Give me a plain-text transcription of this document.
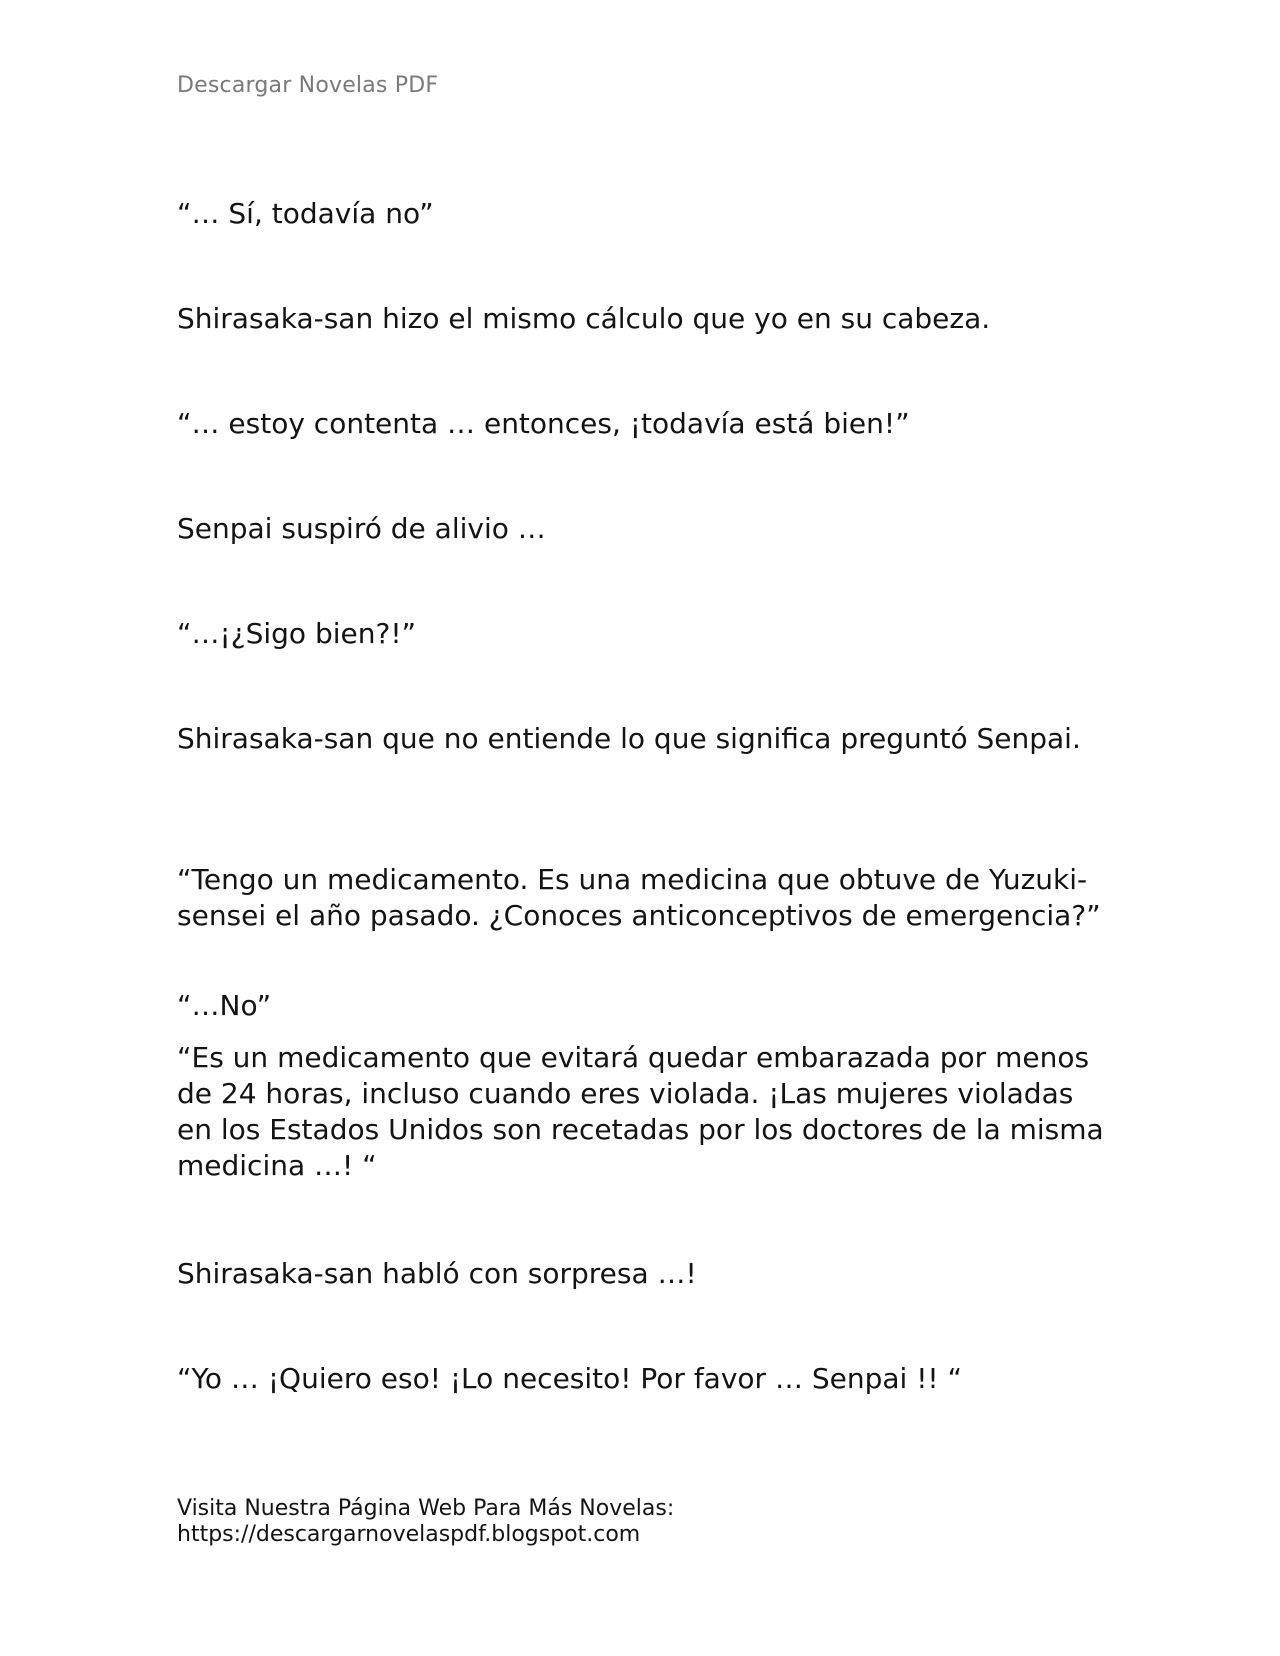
Descargar Novelas PDF
“… Sí, todavía no”
Shirasaka-san hizo el mismo cálculo que yo en su cabeza.
“… estoy contenta … entonces, ¡todavía está bien!”
Senpai suspiró de alivio …
“…¡¿Sigo bien?!”
Shirasaka-san que no entiende lo que significa preguntó Senpai.
“Tengo un medicamento. Es una medicina que obtuve de Yuzuki-sensei el año pasado. ¿Conoces anticonceptivos de emergencia?”
“…No”
“Es un medicamento que evitará quedar embarazada por menos de 24 horas, incluso cuando eres violada. ¡Las mujeres violadas en los Estados Unidos son recetadas por los doctores de la misma medicina …! “
Shirasaka-san habló con sorpresa …!
“Yo … ¡Quiero eso! ¡Lo necesito! Por favor … Senpai !! “
Visita Nuestra Página Web Para Más Novelas:
https://descargarnovelaspdf.blogspot.com
